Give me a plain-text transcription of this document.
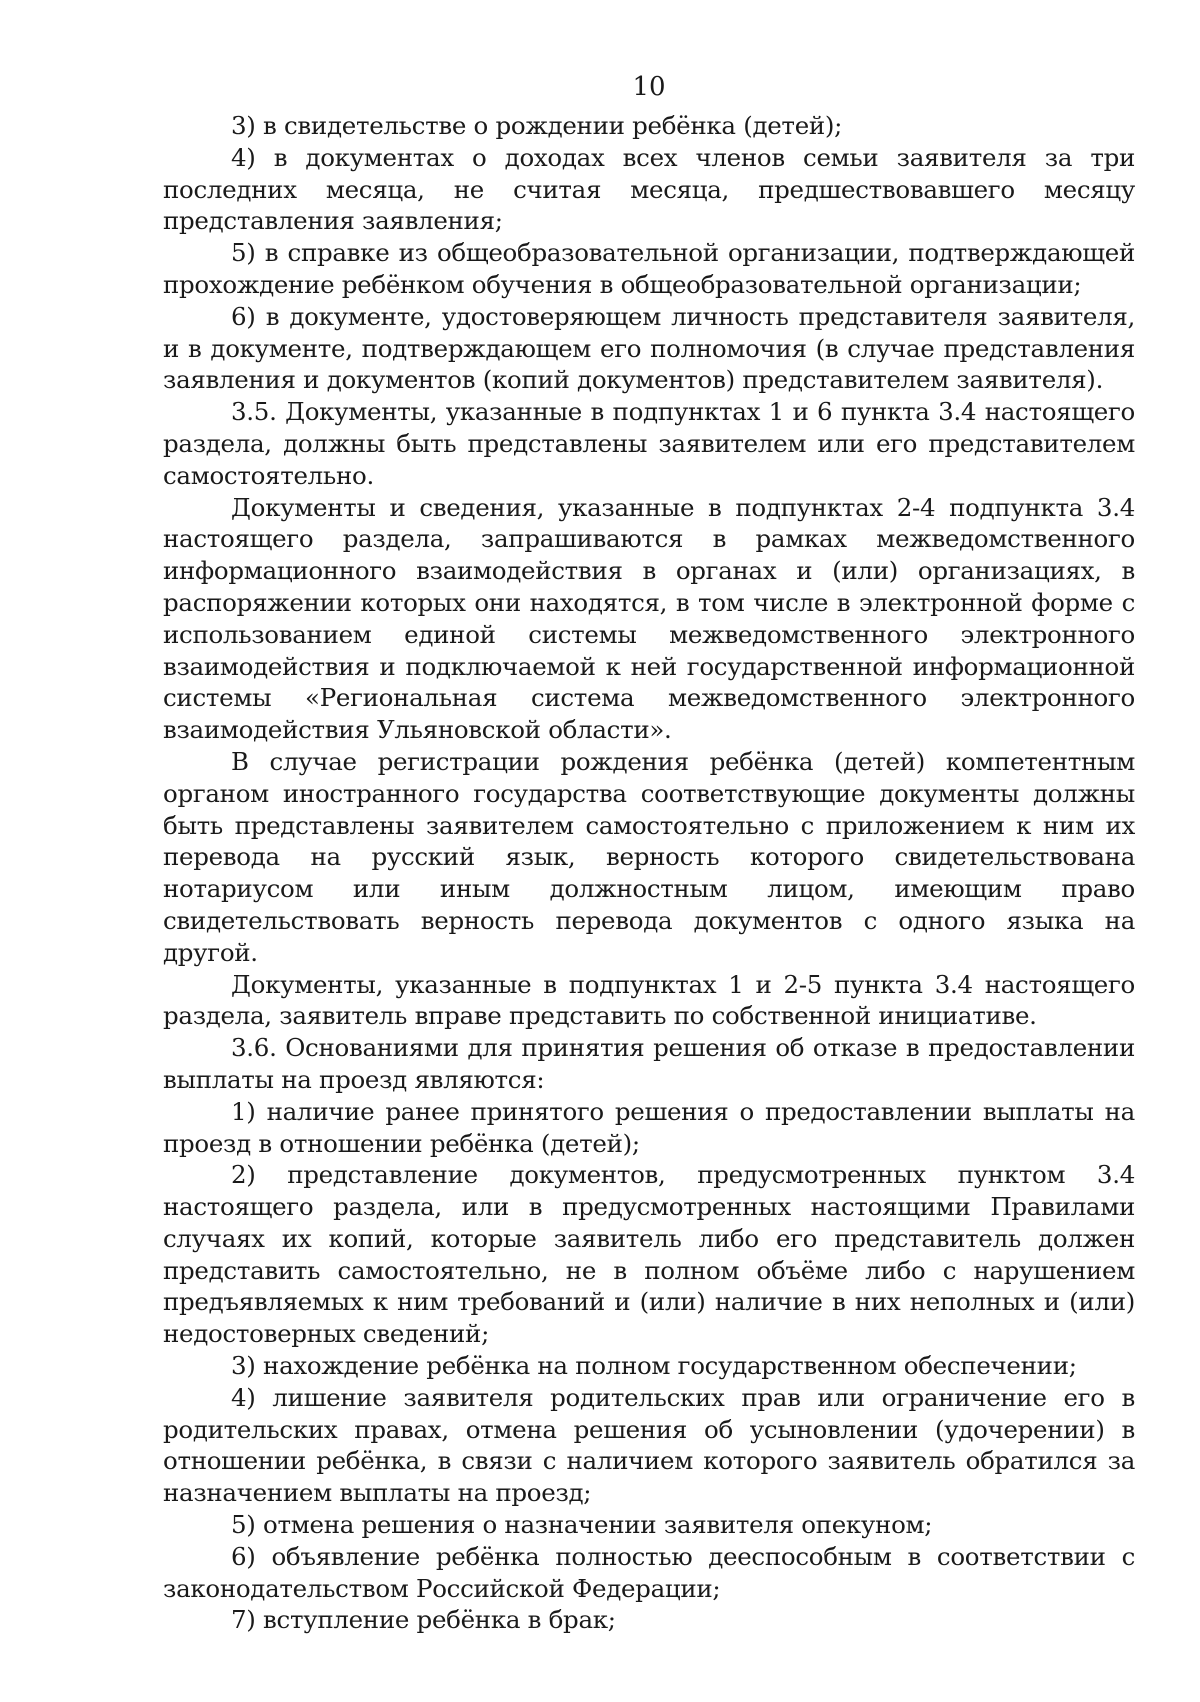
10

3) в свидетельстве о рождении ребёнка (детей);

4) в документах о доходах всех членов семьи заявителя за три последних месяца, не считая месяца, предшествовавшего месяцу представления заявления;

5) в справке из общеобразовательной организации, подтверждающей прохождение ребёнком обучения в общеобразовательной организации;

6) в документе, удостоверяющем личность представителя заявителя, и в документе, подтверждающем его полномочия (в случае представления заявления и документов (копий документов) представителем заявителя).

3.5. Документы, указанные в подпунктах 1 и 6 пункта 3.4 настоящего раздела, должны быть представлены заявителем или его представителем самостоятельно.

Документы и сведения, указанные в подпунктах 2-4 подпункта 3.4 настоящего раздела, запрашиваются в рамках межведомственного информационного взаимодействия в органах и (или) организациях, в распоряжении которых они находятся, в том числе в электронной форме с использованием единой системы межведомственного электронного взаимодействия и подключаемой к ней государственной информационной системы «Региональная система межведомственного электронного взаимодействия Ульяновской области».

В случае регистрации рождения ребёнка (детей) компетентным органом иностранного государства соответствующие документы должны быть представлены заявителем самостоятельно с приложением к ним их перевода на русский язык, верность которого свидетельствована нотариусом или иным должностным лицом, имеющим право свидетельствовать верность перевода документов с одного языка на другой.

Документы, указанные в подпунктах 1 и 2-5 пункта 3.4 настоящего раздела, заявитель вправе представить по собственной инициативе.

3.6. Основаниями для принятия решения об отказе в предоставлении выплаты на проезд являются:

1) наличие ранее принятого решения о предоставлении выплаты на проезд в отношении ребёнка (детей);

2) представление документов, предусмотренных пунктом 3.4 настоящего раздела, или в предусмотренных настоящими Правилами случаях их копий, которые заявитель либо его представитель должен представить самостоятельно, не в полном объёме либо с нарушением предъявляемых к ним требований и (или) наличие в них неполных и (или) недостоверных сведений;

3) нахождение ребёнка на полном государственном обеспечении;

4) лишение заявителя родительских прав или ограничение его в родительских правах, отмена решения об усыновлении (удочерении) в отношении ребёнка, в связи с наличием которого заявитель обратился за назначением выплаты на проезд;

5) отмена решения о назначении заявителя опекуном;

6) объявление ребёнка полностью дееспособным в соответствии с законодательством Российской Федерации;

7) вступление ребёнка в брак;
